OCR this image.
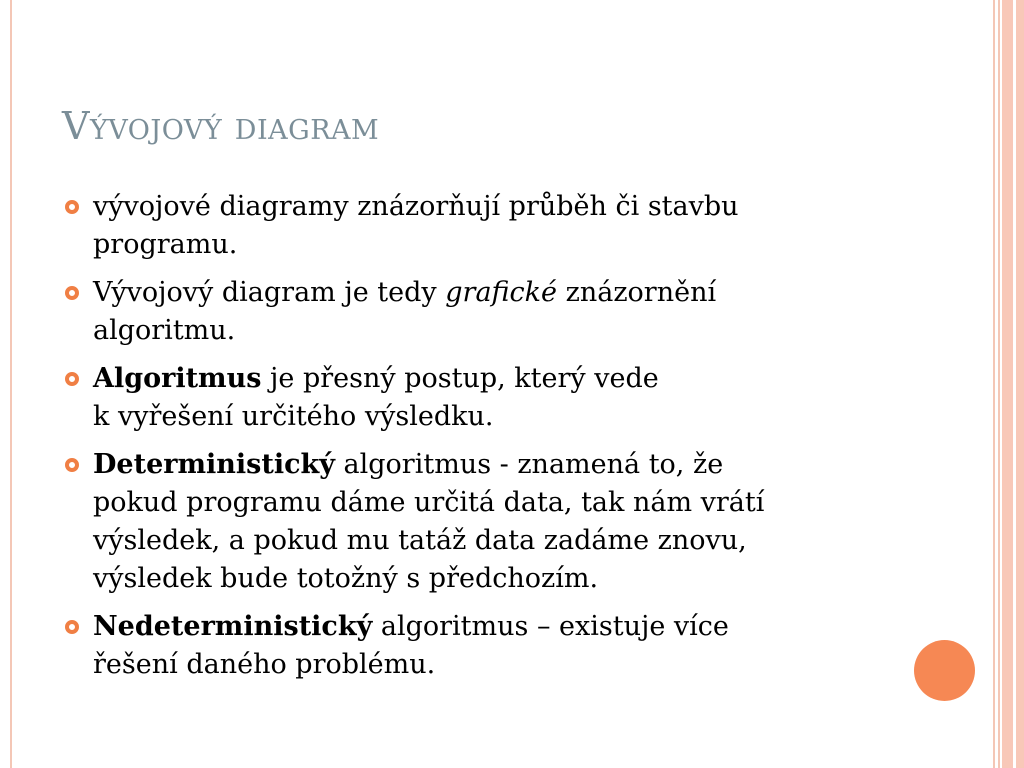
Vývojový diagram
vývojové diagramy znázorňují průběh či stavbu
programu.
Vývojový diagram je tedy grafické znázornění
algoritmu.
Algoritmus je přesný postup, který vede
k vyřešení určitého výsledku.
Deterministický algoritmus - znamená to, že
pokud programu dáme určitá data, tak nám vrátí
výsledek, a pokud mu tatáž data zadáme znovu,
výsledek bude totožný s předchozím.
Nedeterministický algoritmus – existuje více
řešení daného problému.
